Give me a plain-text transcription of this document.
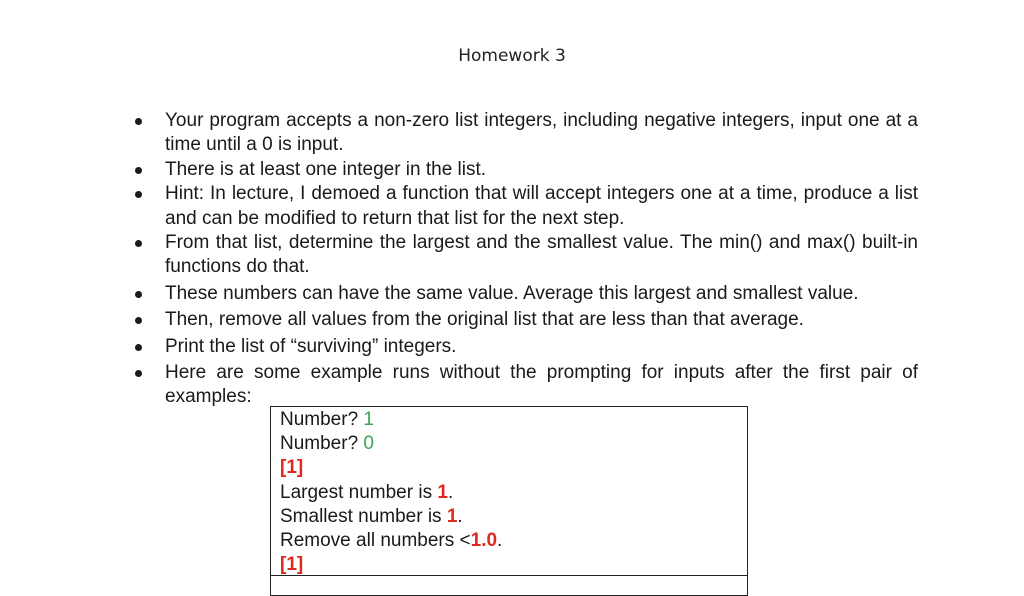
Homework 3
Your program accepts a non-zero list integers, including negative integers, input one at a time until a 0 is input.
There is at least one integer in the list.
Hint: In lecture, I demoed a function that will accept integers one at a time, produce a list and can be modified to return that list for the next step.
From that list, determine the largest and the smallest value. The min() and max() built-in functions do that.
These numbers can have the same value. Average this largest and smallest value.
Then, remove all values from the original list that are less than that average.
Print the list of “surviving” integers.
Here are some example runs without the prompting for inputs after the first pair of examples:
Number? 1
Number? 0
[1]
Largest number is 1.
Smallest number is 1.
Remove all numbers <1.0.
[1]
